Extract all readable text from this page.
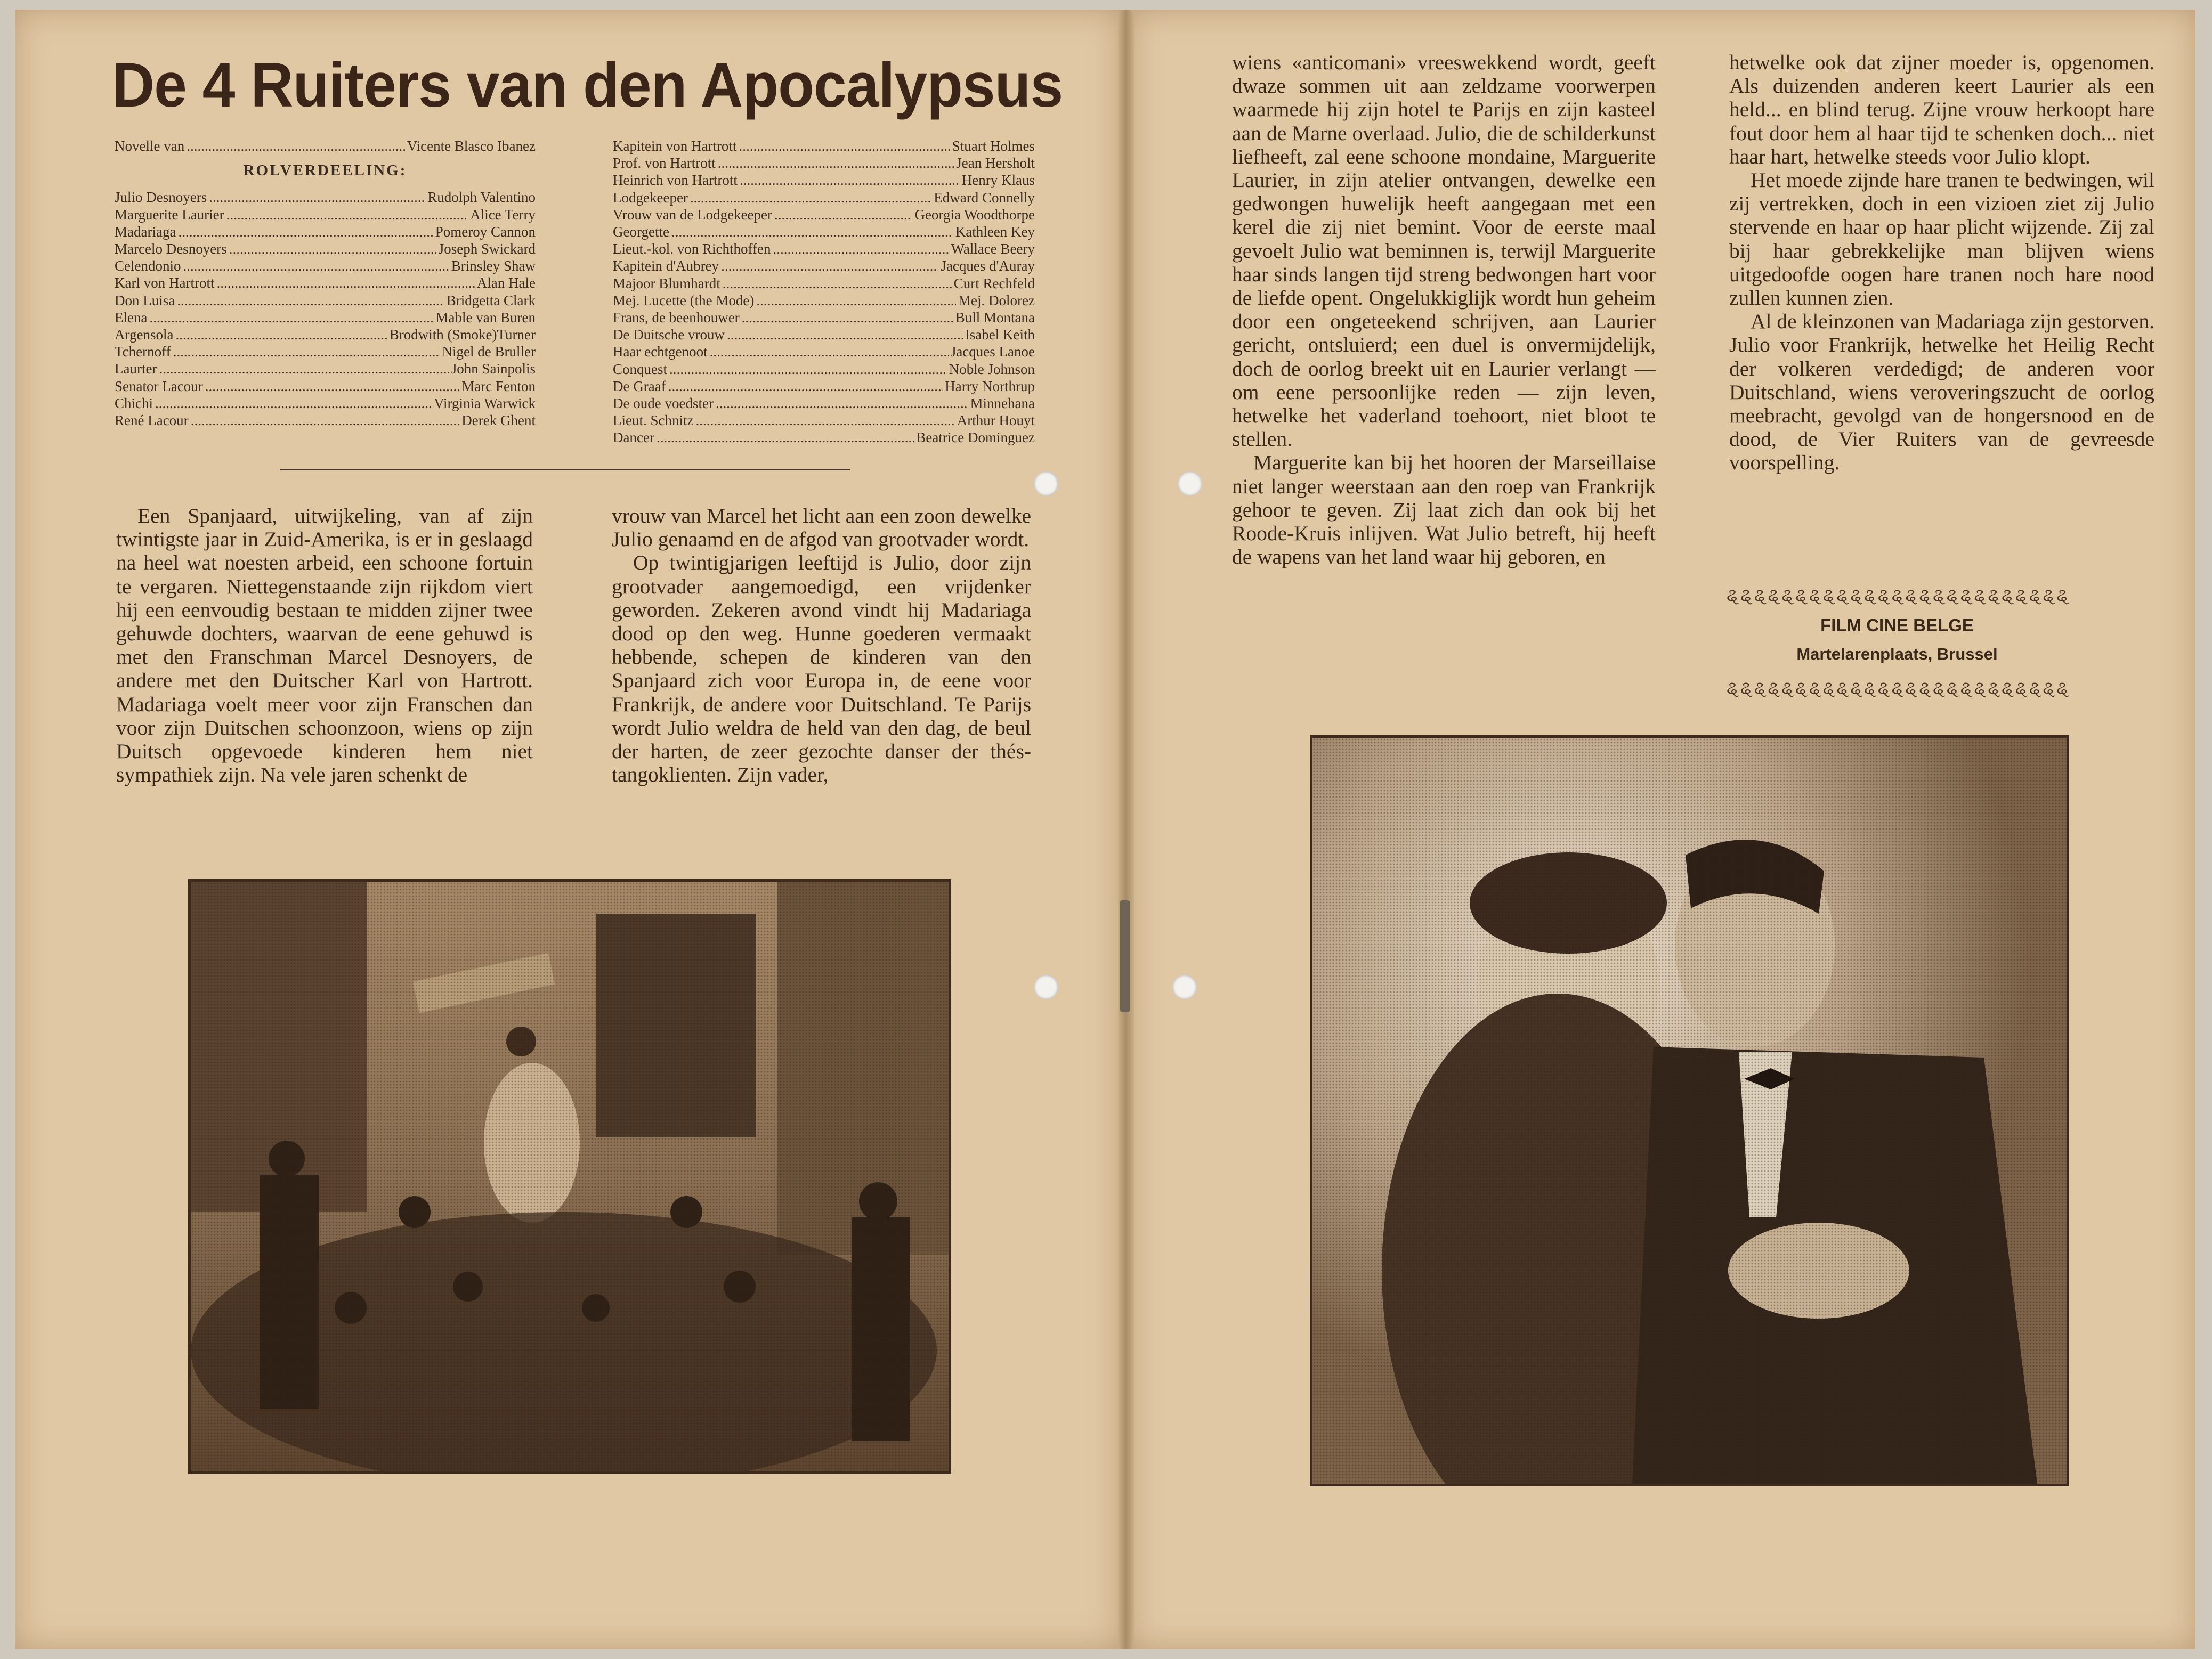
De 4 Ruiters van den Apocalypsus
Novelle van .....	Vicente Blasco Ibanez
ROLVERDEELING:
Julio Desnoyers .....	Rudolph Valentino
Marguerite Laurier .....	Alice Terry
Madariaga .....	Pomeroy Cannon
Marcelo Desnoyers .....	Joseph Swickard
Celendonio .....	Brinsley Shaw
Karl von Hartrott .....	Alan Hale
Don Luisa .....	Bridgetta Clark
Elena .....	Mable van Buren
Argensola .....	Brodwith (Smoke)Turner
Tchernoff .....	Nigel de Bruller
Laurter .....	John Sainpolis
Senator Lacour .....	Marc Fenton
Chichi .....	Virginia Warwick
René Lacour .....	Derek Ghent
Kapitein von Hartrott .....	Stuart Holmes
Prof. von Hartrott .....	Jean Hersholt
Heinrich von Hartrott .....	Henry Klaus
Lodgekeeper .....	Edward Connelly
Vrouw van de Lodgekeeper .....	Georgia Woodthorpe
Georgette .....	Kathleen Key
Lieut.-kol. von Richthoffen .....	Wallace Beery
Kapitein d'Aubrey .....	Jacques d'Auray
Majoor Blumhardt .....	Curt Rechfeld
Mej. Lucette (the Mode) .....	Mej. Dolorez
Frans, de beenhouwer .....	Bull Montana
De Duitsche vrouw .....	Isabel Keith
Haar echtgenoot .....	Jacques Lanoe
Conquest .....	Noble Johnson
De Graaf .....	Harry Northrup
De oude voedster .....	Minnehana
Lieut. Schnitz .....	Arthur Houyt
Dancer .....	Beatrice Dominguez

Een Spanjaard, uitwijkeling, van af zijn twintigste jaar in Zuid-Amerika, is er in geslaagd na heel wat noesten arbeid, een schoone fortuin te vergaren. Niettegenstaande zijn rijkdom viert hij een eenvoudig bestaan te midden zijner twee gehuwde dochters, waarvan de eene gehuwd is met den Franschman Marcel Desnoyers, de andere met den Duitscher Karl von Hartrott. Madariaga voelt meer voor zijn Franschen dan voor zijn Duitschen schoonzoon, wiens op zijn Duitsch opgevoede kinderen hem niet sympathiek zijn. Na vele jaren schenkt de

vrouw van Marcel het licht aan een zoon dewelke Julio genaamd en de afgod van grootvader wordt.

Op twintigjarigen leeftijd is Julio, door zijn grootvader aangemoedigd, een vrijdenker geworden. Zekeren avond vindt hij Madariaga dood op den weg. Hunne goederen vermaakt hebbende, schepen de kinderen van den Spanjaard zich voor Europa in, de eene voor Frankrijk, de andere voor Duitschland. Te Parijs wordt Julio weldra de held van den dag, de beul der harten, de zeer gezochte danser der thés-tangoklienten. Zijn vader,

wiens «anticomani» vreeswekkend wordt, geeft dwaze sommen uit aan zeldzame voorwerpen waarmede hij zijn hotel te Parijs en zijn kasteel aan de Marne overlaad. Julio, die de schilderkunst liefheeft, zal eene schoone mondaine, Marguerite Laurier, in zijn atelier ontvangen, dewelke een gedwongen huwelijk heeft aangegaan met een kerel die zij niet bemint. Voor de eerste maal gevoelt Julio wat beminnen is, terwijl Marguerite haar sinds langen tijd streng bedwongen hart voor de liefde opent. Ongelukkiglijk wordt hun geheim door een ongeteekend schrijven, aan Laurier gericht, ontsluierd; een duel is onvermijdelijk, doch de oorlog breekt uit en Laurier verlangt — om eene persoonlijke reden — zijn leven, hetwelke het vaderland toehoort, niet bloot te stellen.

Marguerite kan bij het hooren der Marseillaise niet langer weerstaan aan den roep van Frankrijk gehoor te geven. Zij laat zich dan ook bij het Roode-Kruis inlijven. Wat Julio betreft, hij heeft de wapens van het land waar hij geboren, en

hetwelke ook dat zijner moeder is, opgenomen. Als duizenden anderen keert Laurier als een held... en blind terug. Zijne vrouw herkoopt hare fout door hem al haar tijd te schenken doch... niet haar hart, hetwelke steeds voor Julio klopt.

Het moede zijnde hare tranen te bedwingen, wil zij vertrekken, doch in een vizioen ziet zij Julio stervende en haar op haar plicht wijzende. Zij zal bij haar gebrekkelijke man blijven wiens uitgedoofde oogen hare tranen noch hare nood zullen kunnen zien.

Al de kleinzonen van Madariaga zijn gestorven. Julio voor Frankrijk, hetwelke het Heilig Recht der volkeren verdedigd; de anderen voor Duitschland, wiens veroveringszucht de oorlog meebracht, gevolgd van de hongersnood en de dood, de Vier Ruiters van de gevreesde voorspelling.

ୡୡୡୡୡୡୡୡୡୡୡୡୡୡୡୡୡୡୡୡୡୡୡୡୡ
FILM CINE BELGE
Martelarenplaats, Brussel
ୡୡୡୡୡୡୡୡୡୡୡୡୡୡୡୡୡୡୡୡୡୡୡୡୡ
